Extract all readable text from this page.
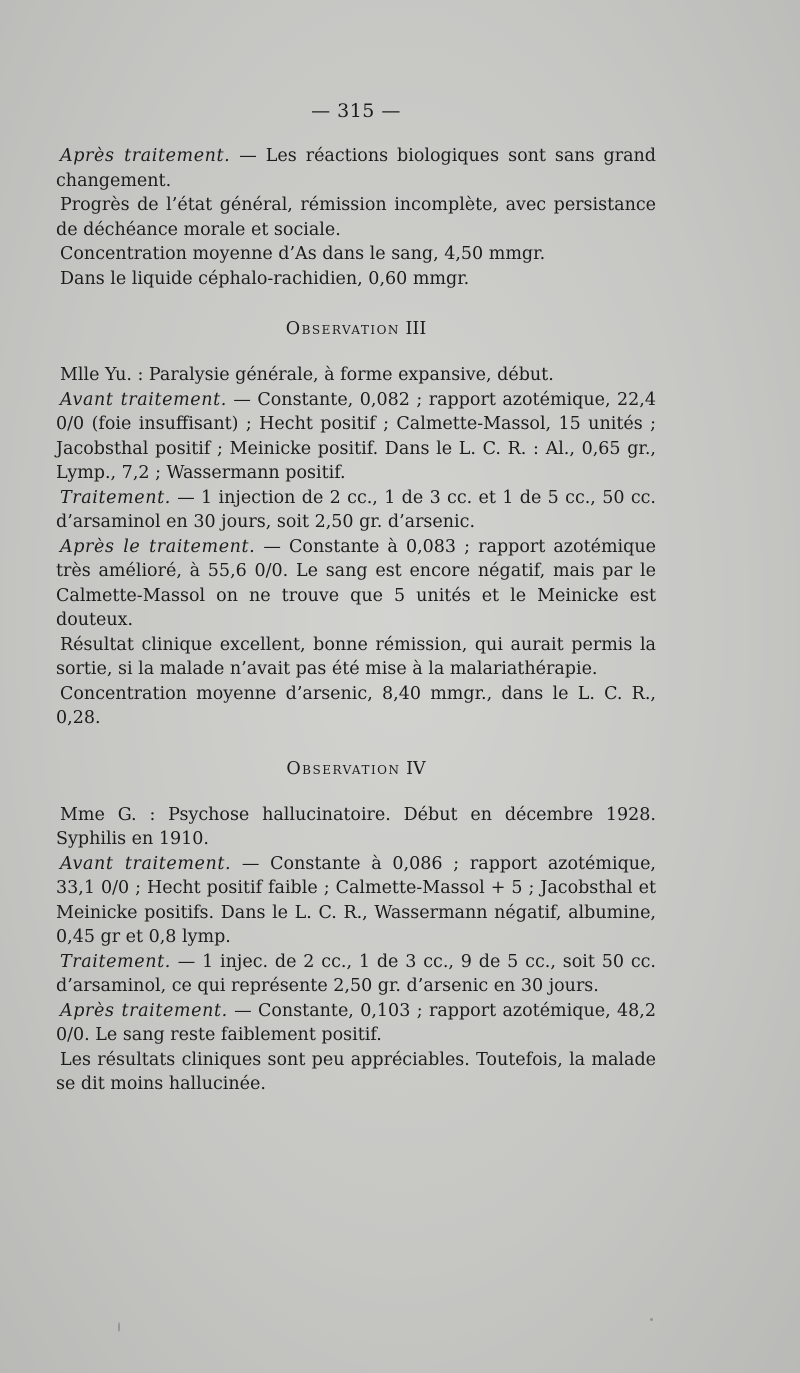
— 315 —

Après traitement. — Les réactions biologiques sont sans grand changement.

Progrès de l’état général, rémission incomplète, avec persistance de déchéance morale et sociale.

Concentration moyenne d’As dans le sang, 4,50 mmgr.

Dans le liquide céphalo-rachidien, 0,60 mmgr.

Observation III

Mlle Yu. : Paralysie générale, à forme expansive, début.

Avant traitement. — Constante, 0,082 ; rapport azotémique, 22,4 0/0 (foie insuffisant) ; Hecht positif ; Calmette-Massol, 15 unités ; Jacobsthal positif ; Meinicke positif. Dans le L. C. R. : Al., 0,65 gr., Lymp., 7,2 ; Wassermann positif.

Traitement. — 1 injection de 2 cc., 1 de 3 cc. et 1 de 5 cc., 50 cc. d’arsaminol en 30 jours, soit 2,50 gr. d’arsenic.

Après le traitement. — Constante à 0,083 ; rapport azotémique très amélioré, à 55,6 0/0. Le sang est encore négatif, mais par le Calmette-Massol on ne trouve que 5 unités et le Meinicke est douteux.

Résultat clinique excellent, bonne rémission, qui aurait permis la sortie, si la malade n’avait pas été mise à la malariathérapie.

Concentration moyenne d’arsenic, 8,40 mmgr., dans le L. C. R., 0,28.

Observation IV

Mme G. : Psychose hallucinatoire. Début en décembre 1928. Syphilis en 1910.

Avant traitement. — Constante à 0,086 ; rapport azotémique, 33,1 0/0 ; Hecht positif faible ; Calmette-Massol + 5 ; Jacobsthal et Meinicke positifs. Dans le L. C. R., Wassermann négatif, albumine, 0,45 gr et 0,8 lymp.

Traitement. — 1 injec. de 2 cc., 1 de 3 cc., 9 de 5 cc., soit 50 cc. d’arsaminol, ce qui représente 2,50 gr. d’arsenic en 30 jours.

Après traitement. — Constante, 0,103 ; rapport azotémique, 48,2 0/0. Le sang reste faiblement positif.

Les résultats cliniques sont peu appréciables. Toutefois, la malade se dit moins hallucinée.
